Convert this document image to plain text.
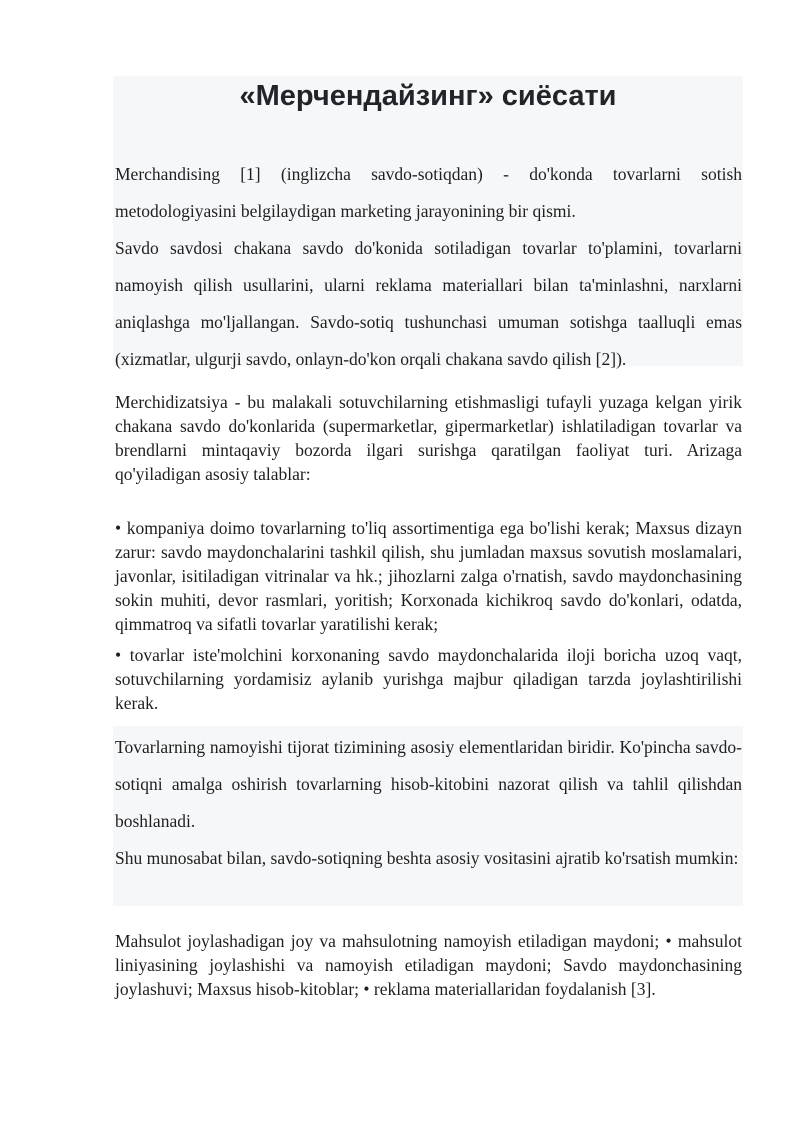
«Мерчендайзинг» сиёсати

Merchandising [1] (inglizcha savdo-sotiqdan) - do'konda tovarlarni sotish metodologiyasini belgilaydigan marketing jarayonining bir qismi.

Savdo savdosi chakana savdo do'konida sotiladigan tovarlar to'plamini, tovarlarni namoyish qilish usullarini, ularni reklama materiallari bilan ta'minlashni, narxlarni aniqlashga mo'ljallangan. Savdo-sotiq tushunchasi umuman sotishga taalluqli emas (xizmatlar, ulgurji savdo, onlayn-do'kon orqali chakana savdo qilish [2]).

Merchidizatsiya - bu malakali sotuvchilarning etishmasligi tufayli yuzaga kelgan yirik chakana savdo do'konlarida (supermarketlar, gipermarketlar) ishlatiladigan tovarlar va brendlarni mintaqaviy bozorda ilgari surishga qaratilgan faoliyat turi. Arizaga qo'yiladigan asosiy talablar:

• kompaniya doimo tovarlarning to'liq assortimentiga ega bo'lishi kerak; Maxsus dizayn zarur: savdo maydonchalarini tashkil qilish, shu jumladan maxsus sovutish moslamalari, javonlar, isitiladigan vitrinalar va hk.; jihozlarni zalga o'rnatish, savdo maydonchasining sokin muhiti, devor rasmlari, yoritish; Korxonada kichikroq savdo do'konlari, odatda, qimmatroq va sifatli tovarlar yaratilishi kerak;

• tovarlar iste'molchini korxonaning savdo maydonchalarida iloji boricha uzoq vaqt, sotuvchilarning yordamisiz aylanib yurishga majbur qiladigan tarzda joylashtirilishi kerak.

Tovarlarning namoyishi tijorat tizimining asosiy elementlaridan biridir. Ko'pincha savdo-sotiqni amalga oshirish tovarlarning hisob-kitobini nazorat qilish va tahlil qilishdan boshlanadi.

Shu munosabat bilan, savdo-sotiqning beshta asosiy vositasini ajratib ko'rsatish mumkin:

Mahsulot joylashadigan joy va mahsulotning namoyish etiladigan maydoni; • mahsulot liniyasining joylashishi va namoyish etiladigan maydoni; Savdo maydonchasining joylashuvi; Maxsus hisob-kitoblar; • reklama materiallaridan foydalanish [3].
